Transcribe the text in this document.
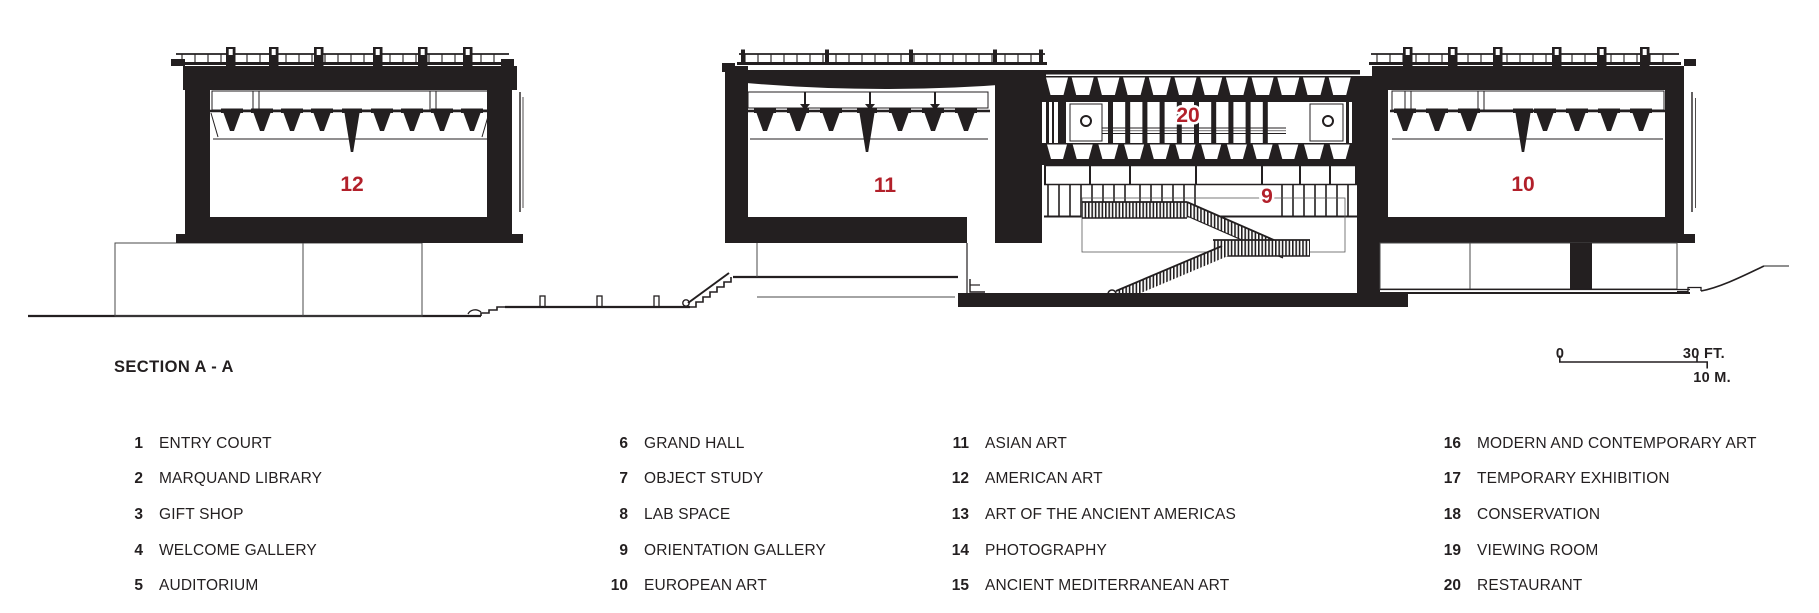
12	11
20
9
10
0	30 FT.
10 M.
SECTION A - A
1 ENTRY COURT
2 MARQUAND LIBRARY
3 GIFT SHOP
4 WELCOME GALLERY
5 AUDITORIUM
6 GRAND HALL
7 OBJECT STUDY
8 LAB SPACE
9 ORIENTATION GALLERY
10 EUROPEAN ART
11 ASIAN ART
12 AMERICAN ART
13 ART OF THE ANCIENT AMERICAS
14 PHOTOGRAPHY
15 ANCIENT MEDITERRANEAN ART
16 MODERN AND CONTEMPORARY ART
17 TEMPORARY EXHIBITION
18 CONSERVATION
19 VIEWING ROOM
20 RESTAURANT
